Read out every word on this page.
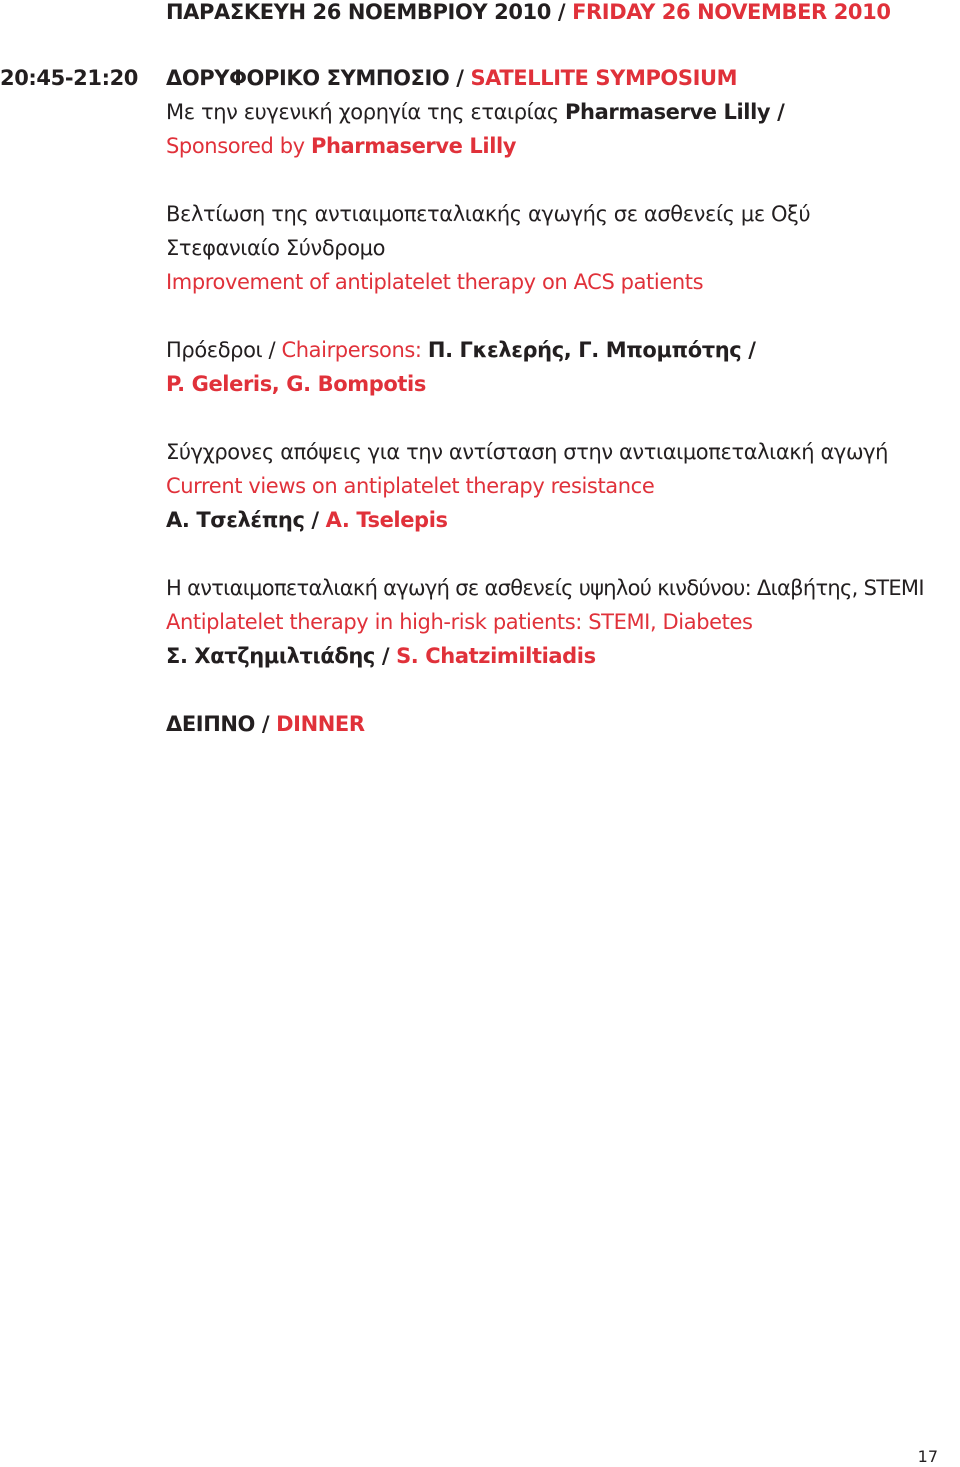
ΠΑΡΑΣΚΕΥΗ 26 ΝΟΕΜΒΡΙΟΥ 2010 / FRIDAY 26 NOVEMBER 2010
20:45-21:20 ΔΟΡΥΦΟΡΙΚΟ ΣΥΜΠΟΣΙΟ / SATELLITE SYMPOSIUM
Με την ευγενική χορηγία της εταιρίας Pharmaserve Lilly /
Sponsored by Pharmaserve Lilly
Βελτίωση της αντιαιμοπεταλιακής αγωγής σε ασθενείς με Οξύ
Στεφανιαίο Σύνδρομο
Improvement of antiplatelet therapy on ACS patients
Πρόεδροι / Chairpersons: Π. Γκελερής, Γ. Μπομπότης /
P. Geleris, G. Bompotis
Σύγχρονες απόψεις για την αντίσταση στην αντιαιμοπεταλιακή αγωγή
Current views on antiplatelet therapy resistance
Α. Τσελέπης / A. Tselepis
Η αντιαιμοπεταλιακή αγωγή σε ασθενείς υψηλού κινδύνου: Διαβήτης, STEMI
Antiplatelet therapy in high-risk patients: STEMI, Diabetes
Σ. Χατζημιλτιάδης / S. Chatzimiltiadis
ΔΕΙΠΝΟ / DINNER
17
